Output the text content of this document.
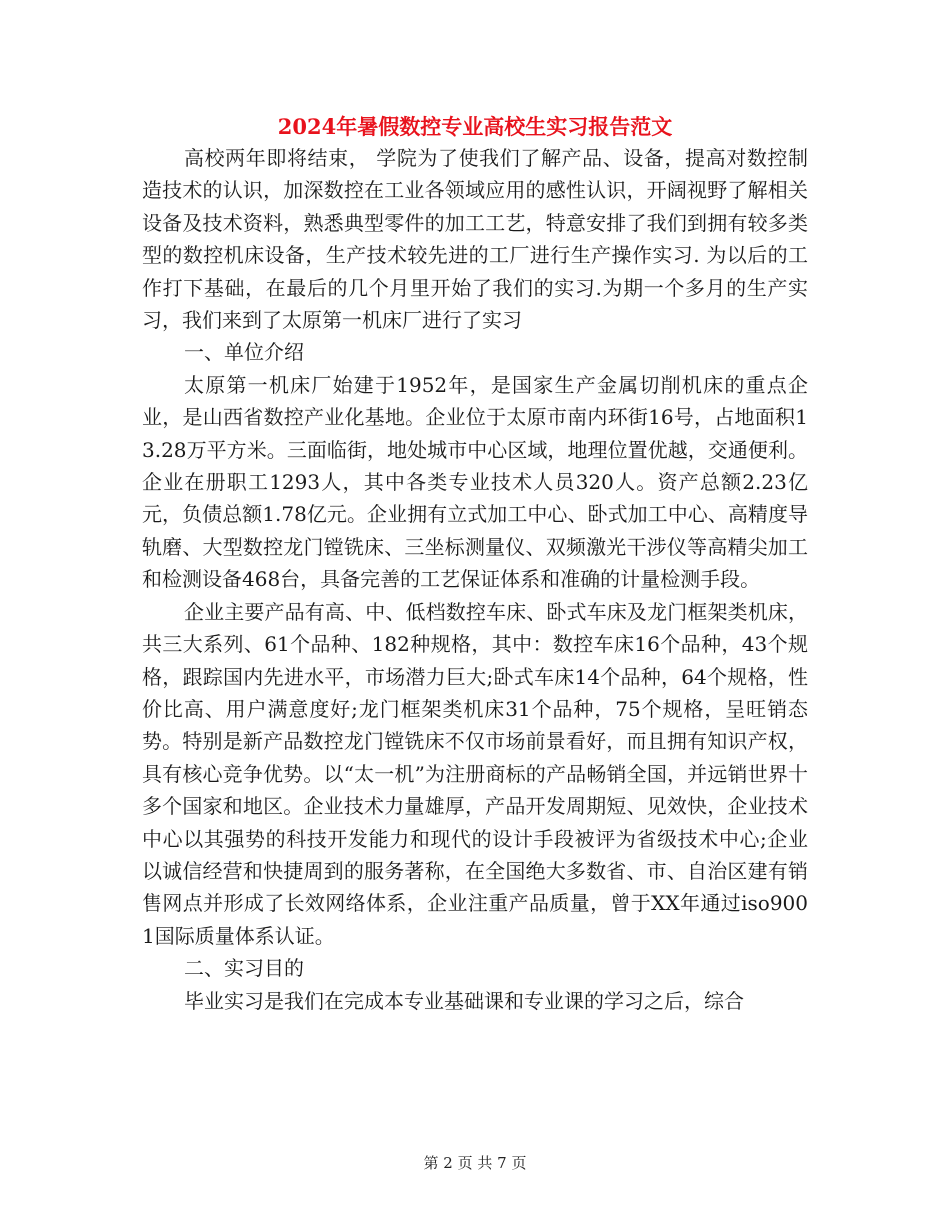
2024年暑假数控专业高校生实习报告范文

高校两年即将结束， 学院为了使我们了解产品、设备，提高对数控制造技术的认识，加深数控在工业各领域应用的感性认识，开阔视野了解相关设备及技术资料，熟悉典型零件的加工工艺，特意安排了我们到拥有较多类型的数控机床设备，生产技术较先进的工厂进行生产操作实习. 为以后的工作打下基础，在最后的几个月里开始了我们的实习.为期一个多月的生产实习，我们来到了太原第一机床厂进行了实习

一、单位介绍

太原第一机床厂始建于1952年，是国家生产金属切削机床的重点企业，是山西省数控产业化基地。企业位于太原市南内环街16号，占地面积13.28万平方米。三面临街，地处城市中心区域，地理位置优越，交通便利。企业在册职工1293人，其中各类专业技术人员320人。资产总额2.23亿元，负债总额1.78亿元。企业拥有立式加工中心、卧式加工中心、高精度导轨磨、大型数控龙门镗铣床、三坐标测量仪、双频激光干涉仪等高精尖加工和检测设备468台，具备完善的工艺保证体系和准确的计量检测手段。

企业主要产品有高、中、低档数控车床、卧式车床及龙门框架类机床，共三大系列、61个品种、182种规格，其中：数控车床16个品种，43个规格，跟踪国内先进水平，市场潜力巨大;卧式车床14个品种，64个规格，性价比高、用户满意度好;龙门框架类机床31个品种，75个规格，呈旺销态势。特别是新产品数控龙门镗铣床不仅市场前景看好，而且拥有知识产权，具有核心竞争优势。以“太一机”为注册商标的产品畅销全国，并远销世界十多个国家和地区。企业技术力量雄厚，产品开发周期短、见效快，企业技术中心以其强势的科技开发能力和现代的设计手段被评为省级技术中心;企业以诚信经营和快捷周到的服务著称，在全国绝大多数省、市、自治区建有销售网点并形成了长效网络体系，企业注重产品质量，曾于XX年通过iso9001国际质量体系认证。

二、实习目的

毕业实习是我们在完成本专业基础课和专业课的学习之后，综合

第 2 页 共 7 页
